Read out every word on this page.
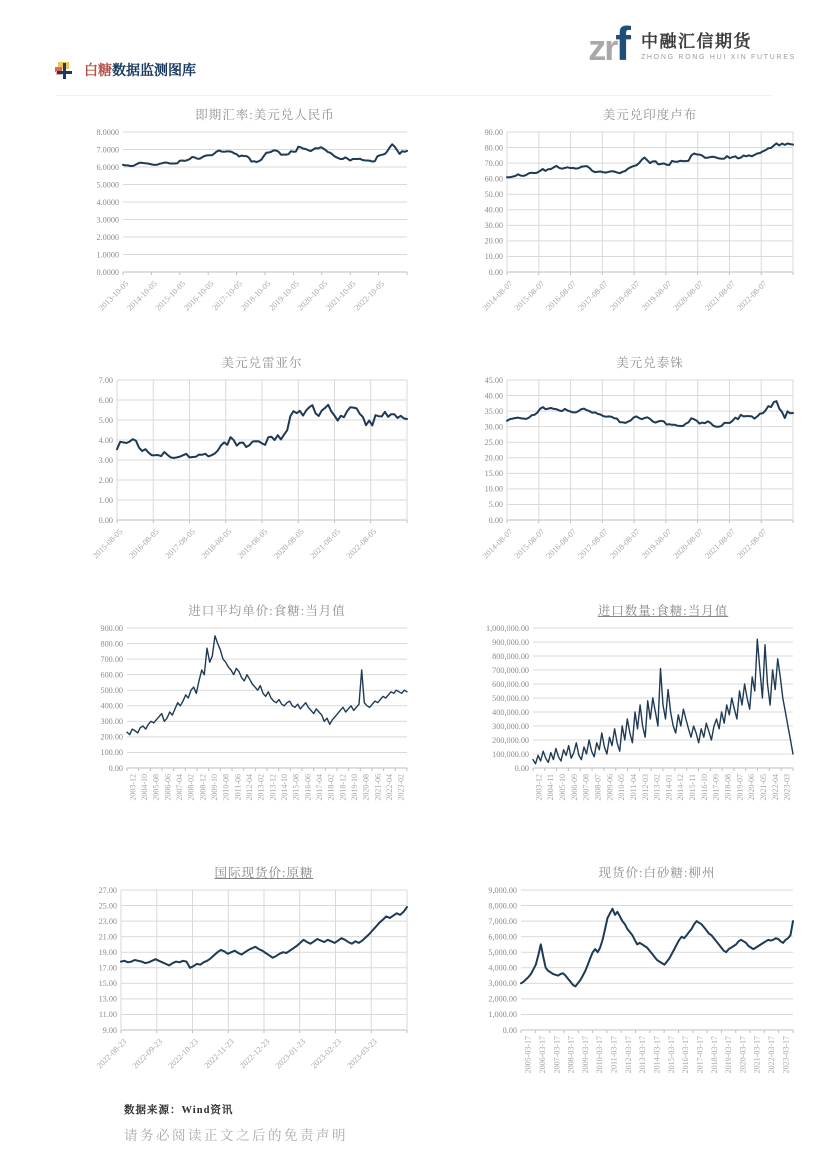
zrf 中融汇信期货
ZHONG RONG HUI XIN FUTURES
白糖 数据监测图库
即期汇率:美元兑人民币
8.0000
7.0000
6.0000
5.0000
4.0000
3.0000
2.0000
1.0000
0.0000
2013-10-05
2014-10-05
2015-10-05
2016-10-05
2017-10-05
2018-10-05
2019-10-05
2020-10-05
2021-10-05
2022-10-05
美元兑印度卢布
90.00
80.00
70.00
60.00
50.00
40.00
30.00
20.00
10.00
0.00
2014-08-07
2015-08-07
2016-08-07
2017-08-07
2018-08-07
2019-08-07
2020-08-07
2021-08-07
2022-08-07
美元兑雷亚尔
7.00
6.00
5.00
4.00
3.00
2.00
1.00
0.00
2015-08-05 2016-08-05 2017-08-05 2018-08-05 2019-08-05 2020-08-05 2021-08-05 2022-08-05
美元兑泰铢
45.00
40.00
35.00
30.00
25.00
20.00
15.00
10.00
5.00
0.00
2014-08-07
2015-08-07
2016-08-07
2017-08-07
2018-08-07
2019-08-07
2020-08-07
2021-08-07
2022-08-07
进口平均单价:食糖:当月值
900.00
800.00
700.00
600.00
500.00
400.00
300.00
200.00
100.00
0.00
2003-12 2004-10 2005-08 2006-06 2007-04 2008-02 2008-12 2009-10 2010-08 2011-06 2012-04 2013-02 2013-12 2014-10 2015-08 2016-06 2017-04 2018-02 2018-12 2019-10 2020-08 2021-06 2022-04 2023-02
进口数量:食糖:当月值
1,000,000.00
900,000.00
800,000.00
700,000.00
600,000.00
500,000.00
400,000.00
300,000.00
200,000.00
100,000.00
0.00
2003-12 2004-11 2005-10 2006-09 2007-08 2008-07 2009-06 2010-05 2011-04 2012-03 2013-02 2014-01 2014-12 2015-11 2016-10 2017-09 2018-08 2019-07 2020-06 2021-05 2022-04 2023-03
国际现货价:原糖
27.00
25.00
23.00
21.00
19.00
17.00
15.00
13.00
11.00
9.00
2022-08-23 2022-09-23 2022-10-23 2022-11-23 2022-12-23 2023-01-23 2023-02-23 2023-03-23
现货价:白砂糖:柳州
9,000.00
8,000.00
7,000.00
6,000.00
5,000.00
4,000.00
3,000.00
2,000.00
1,000.00
0.00
2005-03-17 2006-03-17 2007-03-17 2008-03-17 2009-03-17 2010-03-17 2011-03-17 2012-03-17 2013-03-17 2014-03-17 2015-03-17 2016-03-17 2017-03-17 2018-03-17 2019-03-17 2020-03-17 2021-03-17 2022-03-17 2023-03-17
数据来源：Wind资讯
请务必阅读正文之后的免责声明
